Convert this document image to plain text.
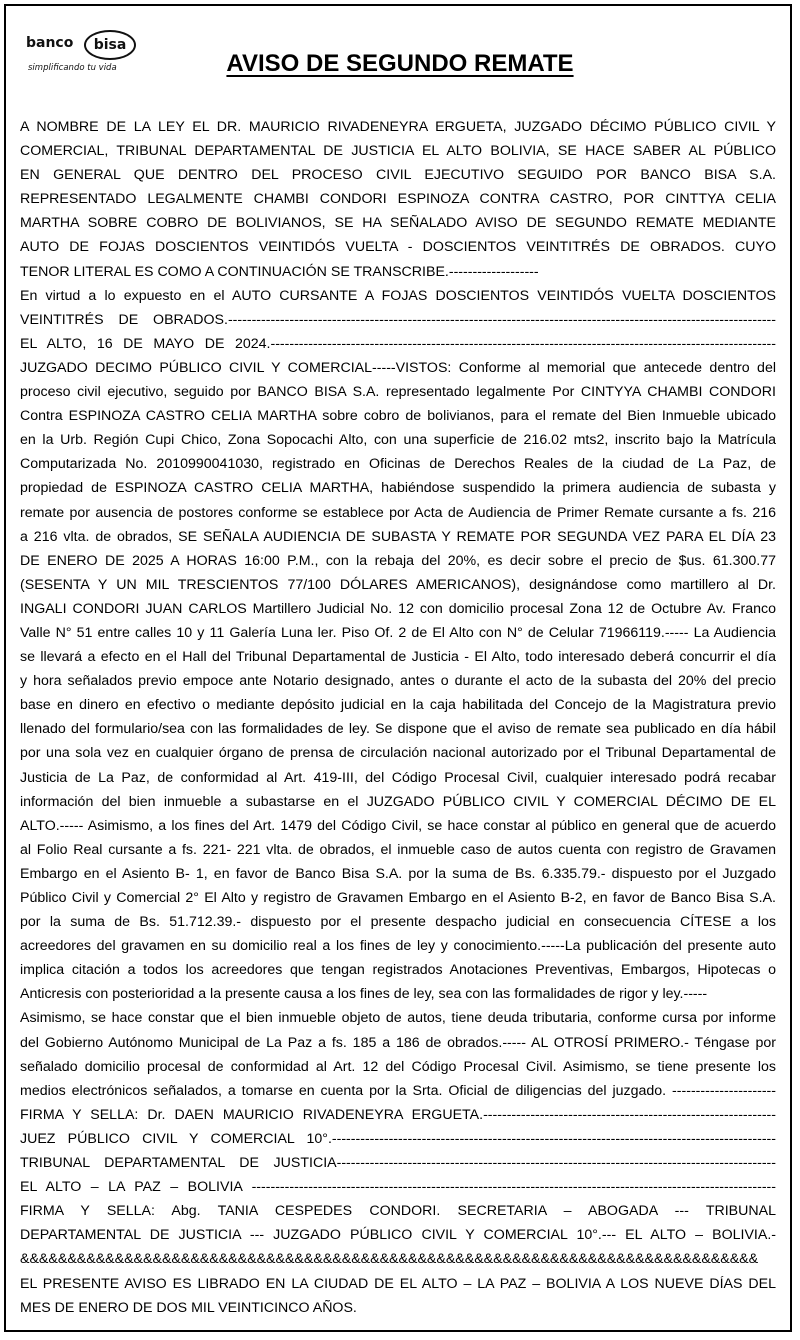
banco	bisa
simplificando tu vida	AVISO DE SEGUNDO REMATE
A NOMBRE DE LA LEY EL DR. MAURICIO RIVADENEYRA ERGUETA, JUZGADO DÉCIMO PÚBLICO CIVIL Y
COMERCIAL, TRIBUNAL DEPARTAMENTAL DE JUSTICIA EL ALTO BOLIVIA, SE HACE SABER AL PÚBLICO
EN GENERAL QUE DENTRO DEL PROCESO CIVIL EJECUTIVO SEGUIDO POR BANCO BISA S.A.
REPRESENTADO LEGALMENTE CHAMBI CONDORI ESPINOZA CONTRA CASTRO, POR CINTTYA CELIA
MARTHA SOBRE COBRO DE BOLIVIANOS, SE HA SEÑALADO AVISO DE SEGUNDO REMATE MEDIANTE
AUTO DE FOJAS DOSCIENTOS VEINTIDÓS VUELTA - DOSCIENTOS VEINTITRÉS DE OBRADOS. CUYO
TENOR LITERAL ES COMO A CONTINUACIÓN SE TRANSCRIBE.-------------------
En virtud a lo expuesto en el AUTO CURSANTE A FOJAS DOSCIENTOS VEINTIDÓS VUELTA DOSCIENTOS
VEINTITRÉS DE OBRADOS.--------------------------------------------------------------------------------------------------------------------
EL ALTO, 16 DE MAYO DE 2024.-----------------------------------------------------------------------------------------------------------
JUZGADO DECIMO PÚBLICO CIVIL Y COMERCIAL-----VISTOS: Conforme al memorial que antecede dentro del
proceso civil ejecutivo, seguido por BANCO BISA S.A. representado legalmente Por CINTYYA CHAMBI CONDORI
Contra ESPINOZA CASTRO CELIA MARTHA sobre cobro de bolivianos, para el remate del Bien Inmueble ubicado
en la Urb. Región Cupi Chico, Zona Sopocachi Alto, con una superficie de 216.02 mts2, inscrito bajo la Matrícula
Computarizada No. 2010990041030, registrado en Oficinas de Derechos Reales de la ciudad de La Paz, de
propiedad de ESPINOZA CASTRO CELIA MARTHA, habiéndose suspendido la primera audiencia de subasta y
remate por ausencia de postores conforme se establece por Acta de Audiencia de Primer Remate cursante a fs. 216
a 216 vlta. de obrados, SE SEÑALA AUDIENCIA DE SUBASTA Y REMATE POR SEGUNDA VEZ PARA EL DÍA 23
DE ENERO DE 2025 A HORAS 16:00 P.M., con la rebaja del 20%, es decir sobre el precio de $us. 61.300.77
(SESENTA Y UN MIL TRESCIENTOS 77/100 DÓLARES AMERICANOS), designándose como martillero al Dr.
INGALI CONDORI JUAN CARLOS Martillero Judicial No. 12 con domicilio procesal Zona 12 de Octubre Av. Franco
Valle N° 51 entre calles 10 y 11 Galería Luna ler. Piso Of. 2 de El Alto con N° de Celular 71966119.----- La Audiencia
se llevará a efecto en el Hall del Tribunal Departamental de Justicia - El Alto, todo interesado deberá concurrir el día
y hora señalados previo empoce ante Notario designado, antes o durante el acto de la subasta del 20% del precio
base en dinero en efectivo o mediante depósito judicial en la caja habilitada del Concejo de la Magistratura previo
llenado del formulario/sea con las formalidades de ley. Se dispone que el aviso de remate sea publicado en día hábil
por una sola vez en cualquier órgano de prensa de circulación nacional autorizado por el Tribunal Departamental de
Justicia de La Paz, de conformidad al Art. 419-III, del Código Procesal Civil, cualquier interesado podrá recabar
información del bien inmueble a subastarse en el JUZGADO PÚBLICO CIVIL Y COMERCIAL DÉCIMO DE EL
ALTO.----- Asimismo, a los fines del Art. 1479 del Código Civil, se hace constar al público en general que de acuerdo
al Folio Real cursante a fs. 221- 221 vlta. de obrados, el inmueble caso de autos cuenta con registro de Gravamen
Embargo en el Asiento B- 1, en favor de Banco Bisa S.A. por la suma de Bs. 6.335.79.- dispuesto por el Juzgado
Público Civil y Comercial 2° El Alto y registro de Gravamen Embargo en el Asiento B-2, en favor de Banco Bisa S.A.
por la suma de Bs. 51.712.39.- dispuesto por el presente despacho judicial en consecuencia CÍTESE a los
acreedores del gravamen en su domicilio real a los fines de ley y conocimiento.-----La publicación del presente auto
implica citación a todos los acreedores que tengan registrados Anotaciones Preventivas, Embargos, Hipotecas o
Anticresis con posterioridad a la presente causa a los fines de ley, sea con las formalidades de rigor y ley.-----
Asimismo, se hace constar que el bien inmueble objeto de autos, tiene deuda tributaria, conforme cursa por informe
del Gobierno Autónomo Municipal de La Paz a fs. 185 a 186 de obrados.----- AL OTROSÍ PRIMERO.- Téngase por
señalado domicilio procesal de conformidad al Art. 12 del Código Procesal Civil. Asimismo, se tiene presente los
medios electrónicos señalados, a tomarse en cuenta por la Srta. Oficial de diligencias del juzgado. ----------------------
FIRMA Y SELLA: Dr. DAEN MAURICIO RIVADENEYRA ERGUETA.--------------------------------------------------------------
JUEZ PÚBLICO CIVIL Y COMERCIAL 10°.----------------------------------------------------------------------------------------------
TRIBUNAL DEPARTAMENTAL DE JUSTICIA---------------------------------------------------------------------------------------------
EL ALTO – LA PAZ – BOLIVIA ---------------------------------------------------------------------------------------------------------------
FIRMA Y SELLA: Abg. TANIA CESPEDES CONDORI. SECRETARIA – ABOGADA --- TRIBUNAL
DEPARTAMENTAL DE JUSTICIA --- JUZGADO PÚBLICO CIVIL Y COMERCIAL 10°.--- EL ALTO – BOLIVIA.-
&&&&&&&&&&&&&&&&&&&&&&&&&&&&&&&&&&&&&&&&&&&&&&&&&&&&&&&&&&&&&&&&&&&&&&&&&&&&&&
EL PRESENTE AVISO ES LIBRADO EN LA CIUDAD DE EL ALTO – LA PAZ – BOLIVIA A LOS NUEVE DÍAS DEL
MES DE ENERO DE DOS MIL VEINTICINCO AÑOS.
